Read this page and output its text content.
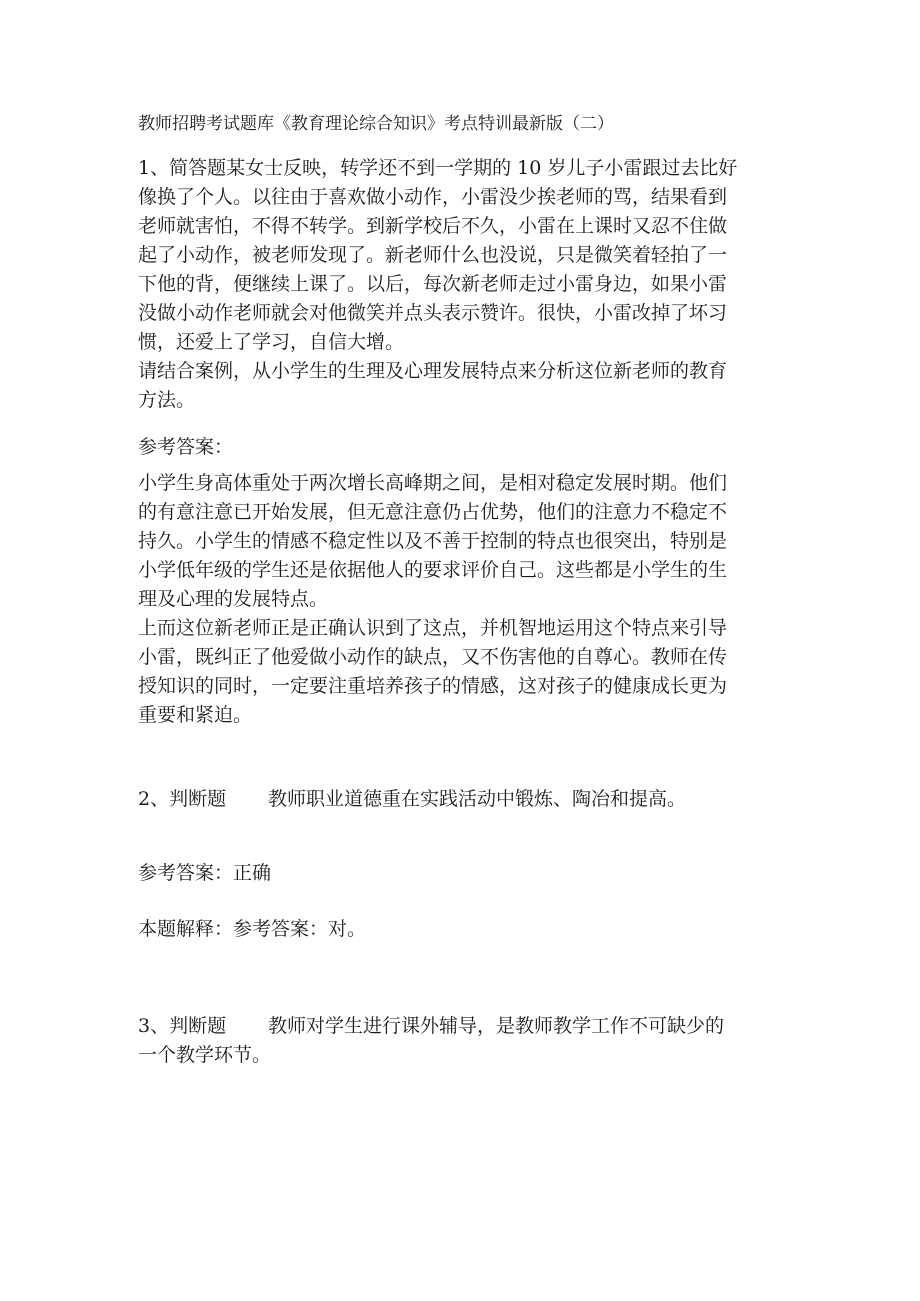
教师招聘考试题库《教育理论综合知识》考点特训最新版（二）
1、简答题某女士反映，转学还不到一学期的 10 岁儿子小雷跟过去比好
像换了个人。以往由于喜欢做小动作，小雷没少挨老师的骂，结果看到
老师就害怕，不得不转学。到新学校后不久，小雷在上课时又忍不住做
起了小动作，被老师发现了。新老师什么也没说，只是微笑着轻拍了一
下他的背，便继续上课了。以后，每次新老师走过小雷身边，如果小雷
没做小动作老师就会对他微笑并点头表示赞许。很快，小雷改掉了坏习
惯，还爱上了学习，自信大增。
请结合案例，从小学生的生理及心理发展特点来分析这位新老师的教育
方法。
参考答案：
小学生身高体重处于两次增长高峰期之间，是相对稳定发展时期。他们
的有意注意已开始发展，但无意注意仍占优势，他们的注意力不稳定不
持久。小学生的情感不稳定性以及不善于控制的特点也很突出，特别是
小学低年级的学生还是依据他人的要求评价自己。这些都是小学生的生
理及心理的发展特点。
上而这位新老师正是正确认识到了这点，并机智地运用这个特点来引导
小雷，既纠正了他爱做小动作的缺点，又不伤害他的自尊心。教师在传
授知识的同时，一定要注重培养孩子的情感，这对孩子的健康成长更为
重要和紧迫。
2、判断题 教师职业道德重在实践活动中锻炼、陶冶和提高。
参考答案：正确
本题解释：参考答案：对。
3、判断题 教师对学生进行课外辅导，是教师教学工作不可缺少的
一个教学环节。
